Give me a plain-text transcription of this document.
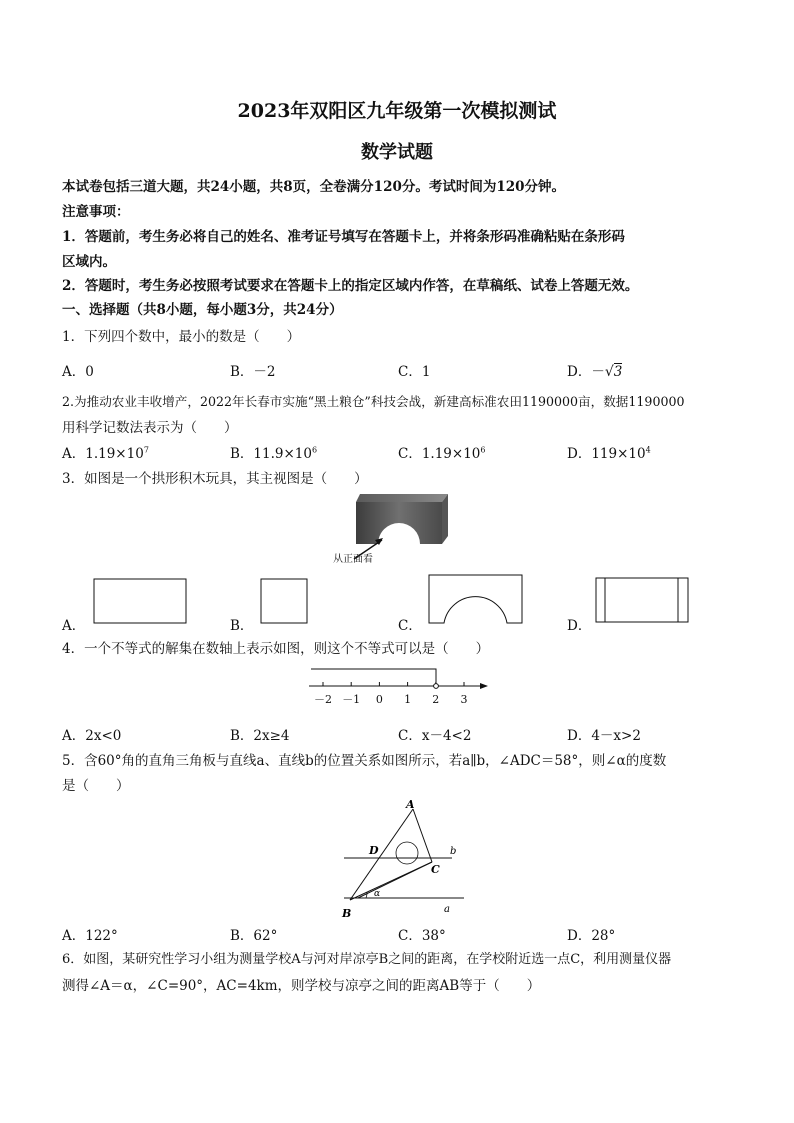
2023年双阳区九年级第一次模拟测试
数学试题
本试卷包括三道大题，共24小题，共8页，全卷满分120分。考试时间为120分钟。
注意事项：
1．答题前，考生务必将自己的姓名、准考证号填写在答题卡上，并将条形码准确粘贴在条形码
区域内。
2．答题时，考生务必按照考试要求在答题卡上的指定区域内作答，在草稿纸、试卷上答题无效。
一、选择题（共8小题，每小题3分，共24分）
1．下列四个数中，最小的数是（　　）
A．0	B．－2	C．1	D．－√3
2.为推动农业丰收增产，2022年长春市实施“黑土粮仓”科技会战，新建高标准农田1190000亩，数据1190000
用科学记数法表示为（　　）
A．$1.19\times 10^7$	B．$11.9\times 10^6$	C．$1.19\times 10^6$	D．$119\times 10^4$
3．如图是一个拱形积木玩具，其主视图是（　　）
从正面看
A．	B．	C．	D．
4．一个不等式的解集在数轴上表示如图，则这个不等式可以是（　　）
－2 －1 0 1 2 3
A．2x<0	B．2x≥4	C．x－4<2	D．4－x>2
5．含60°角的直角三角板与直线a、直线b的位置关系如图所示，若a∥b，∠ADC＝58°，则∠α的度数
是（　　）
A
B
C
D	b
a
α
A．122°	B．62°	C．38°	D．28°
6．如图，某研究性学习小组为测量学校A与河对岸凉亭B之间的距离，在学校附近选一点C，利用测量仪器
测得∠A＝α，∠C=90°，AC=4km，则学校与凉亭之间的距离AB等于（　　）
